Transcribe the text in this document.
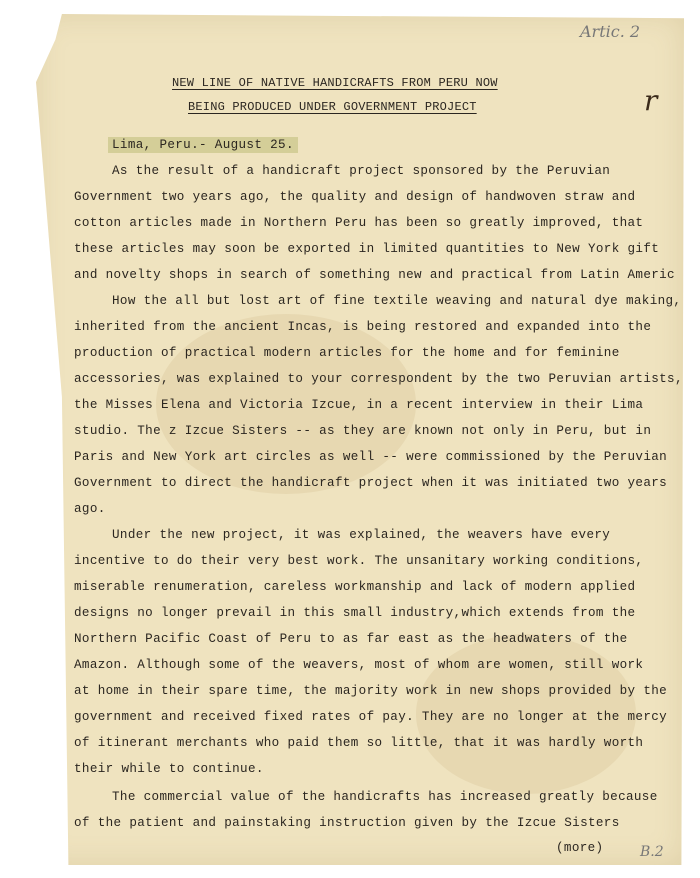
Artic. 2
r
NEW LINE OF NATIVE HANDICRAFTS FROM PERU NOW
BEING PRODUCED UNDER GOVERNMENT PROJECT
Lima, Peru.- August 25.
As the result of a handicraft project sponsored by the Peruvian
Government two years ago, the quality and design of handwoven straw and
cotton articles made in Northern Peru has been so greatly improved, that
these articles may soon be exported in limited quantities to New York gift
and novelty shops in search of something new and practical from Latin Americ
How the all but lost art of fine textile weaving and natural dye making,
inherited from the ancient Incas, is being restored and expanded into the
production of practical modern articles for the home and for feminine
accessories, was explained to your correspondent by the two Peruvian artists,
the Misses Elena and Victoria Izcue, in a recent interview in their Lima
studio. The z Izcue Sisters -- as they are known not only in Peru, but in
Paris and New York art circles as well -- were commissioned by the Peruvian
Government to direct the handicraft project when it was initiated two years
ago.
Under the new project, it was explained, the weavers have every
incentive to do their very best work. The unsanitary working conditions,
miserable renumeration, careless workmanship and lack of modern applied
designs no longer prevail in this small industry,which extends from the
Northern Pacific Coast of Peru to as far east as the headwaters of the
Amazon. Although some of the weavers, most of whom are women, still work
at home in their spare time, the majority work in new shops provided by the
government and received fixed rates of pay. They are no longer at the mercy
of itinerant merchants who paid them so little, that it was hardly worth
their while to continue.
The commercial value of the handicrafts has increased greatly because
of the patient and painstaking instruction given by the Izcue Sisters
(more)	B.2
